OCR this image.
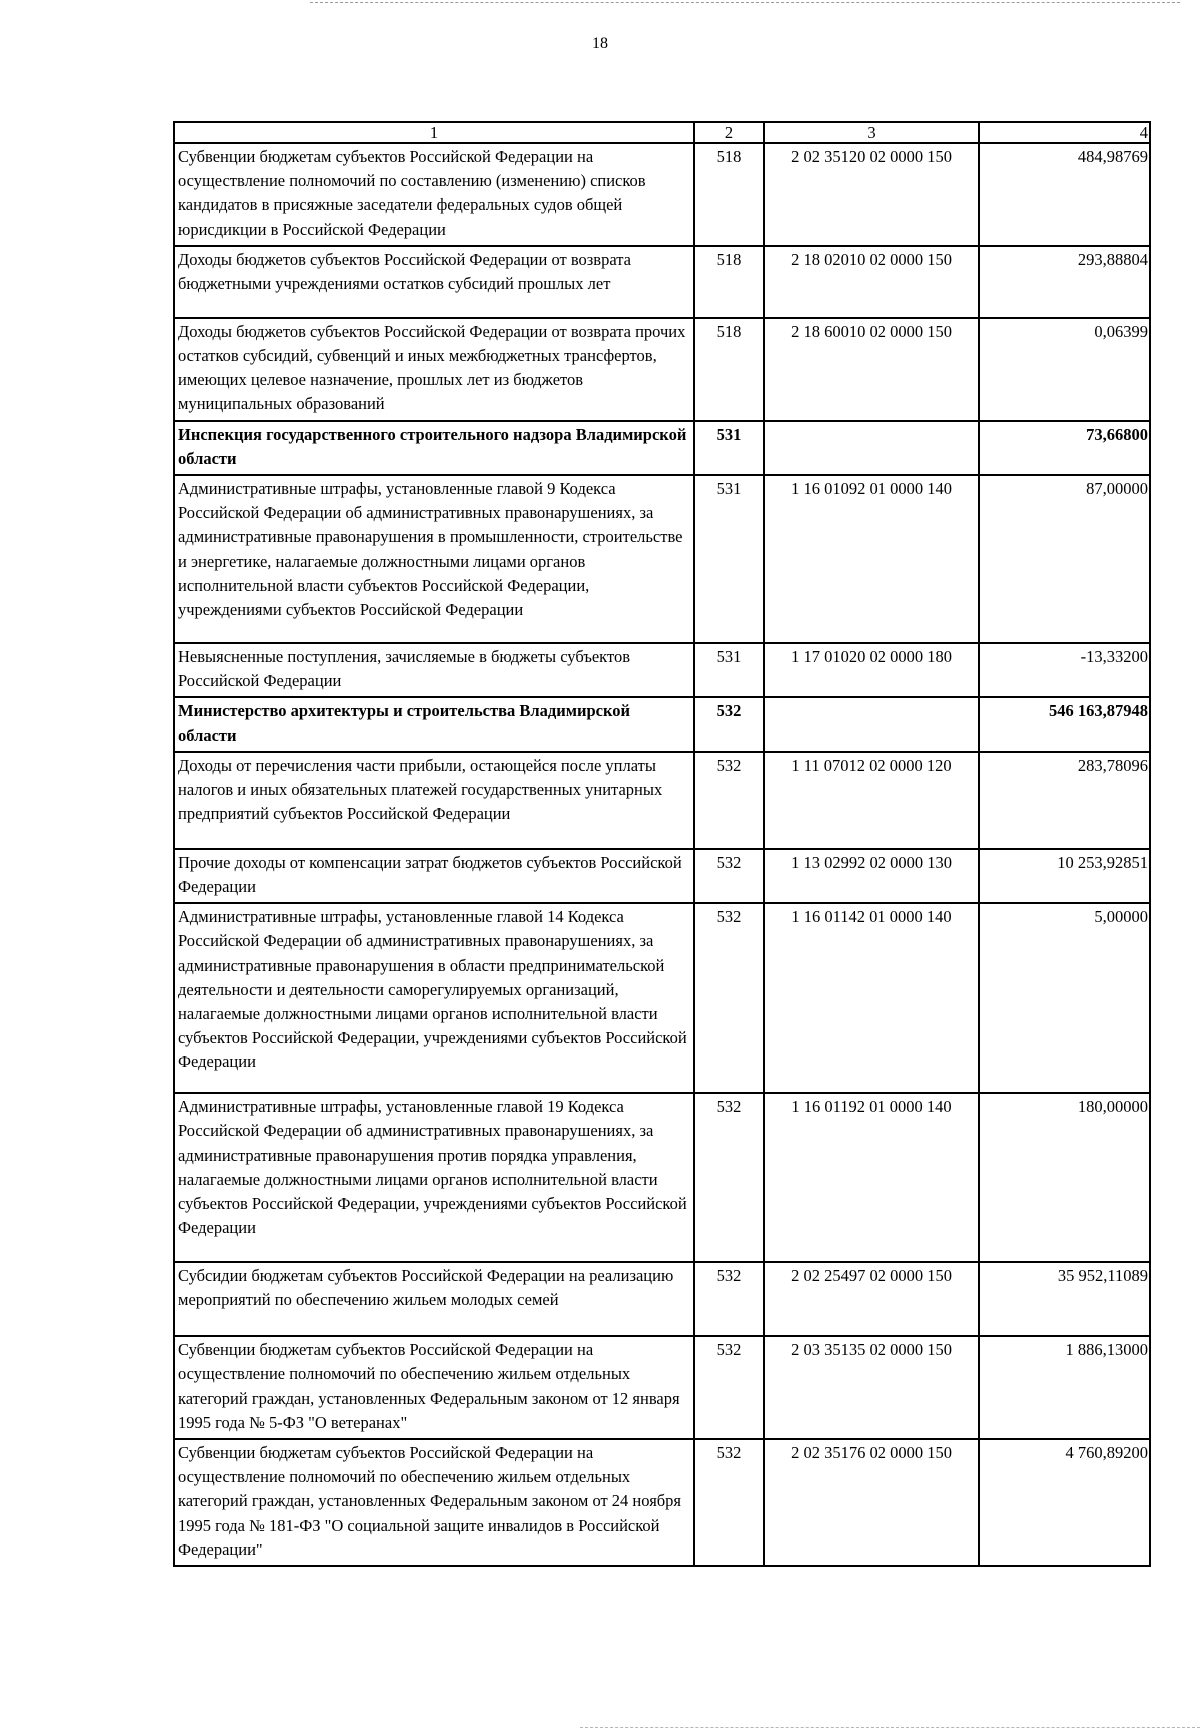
18
1	2	3	4
Субвенции бюджетам субъектов Российской Федерации на осуществление полномочий по составлению (изменению) списков кандидатов в присяжные заседатели федеральных судов общей юрисдикции в Российской Федерации	518	2 02 35120 02 0000 150	484,98769
Доходы бюджетов субъектов Российской Федерации от возврата бюджетными учреждениями остатков субсидий прошлых лет	518	2 18 02010 02 0000 150	293,88804
Доходы бюджетов субъектов Российской Федерации от возврата прочих остатков субсидий, субвенций и иных межбюджетных трансфертов, имеющих целевое назначение, прошлых лет из бюджетов муниципальных образований	518	2 18 60010 02 0000 150	0,06399
Инспекция государственного строительного надзора Владимирской области	531		73,66800
Административные штрафы, установленные главой 9 Кодекса Российской Федерации об административных правонарушениях, за административные правонарушения в промышленности, строительстве и энергетике, налагаемые должностными лицами органов исполнительной власти субъектов Российской Федерации, учреждениями субъектов Российской Федерации	531	1 16 01092 01 0000 140	87,00000
Невыясненные поступления, зачисляемые в бюджеты субъектов Российской Федерации	531	1 17 01020 02 0000 180	-13,33200
Министерство архитектуры и строительства Владимирской области	532		546 163,87948
Доходы от перечисления части прибыли, остающейся после уплаты налогов и иных обязательных платежей государственных унитарных предприятий субъектов Российской Федерации	532	1 11 07012 02 0000 120	283,78096
Прочие доходы от компенсации затрат бюджетов субъектов Российской Федерации	532	1 13 02992 02 0000 130	10 253,92851
Административные штрафы, установленные главой 14 Кодекса Российской Федерации об административных правонарушениях, за административные правонарушения в области предпринимательской деятельности и деятельности саморегулируемых организаций, налагаемые должностными лицами органов исполнительной власти субъектов Российской Федерации, учреждениями субъектов Российской Федерации	532	1 16 01142 01 0000 140	5,00000
Административные штрафы, установленные главой 19 Кодекса Российской Федерации об административных правонарушениях, за административные правонарушения против порядка управления, налагаемые должностными лицами органов исполнительной власти субъектов Российской Федерации, учреждениями субъектов Российской Федерации	532	1 16 01192 01 0000 140	180,00000
Субсидии бюджетам субъектов Российской Федерации на реализацию мероприятий по обеспечению жильем молодых семей	532	2 02 25497 02 0000 150	35 952,11089
Субвенции бюджетам субъектов Российской Федерации на осуществление полномочий по обеспечению жильем отдельных категорий граждан, установленных Федеральным законом от 12 января 1995 года № 5-ФЗ "О ветеранах"	532	2 03 35135 02 0000 150	1 886,13000
Субвенции бюджетам субъектов Российской Федерации на осуществление полномочий по обеспечению жильем отдельных категорий граждан, установленных Федеральным законом от 24 ноября 1995 года № 181-ФЗ "О социальной защите инвалидов в Российской Федерации"	532	2 02 35176 02 0000 150	4 760,89200
